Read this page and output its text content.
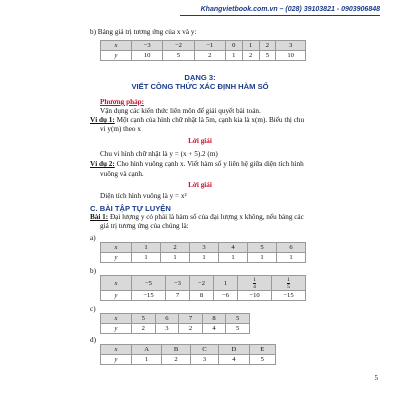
Khangvietbook.com.vn – (028) 39103821 - 0903906848
b) Bảng giá trị tương ứng của x và y:
x	−3	−2	−1	0	1	2	3
y	10	5	2	1	2	5	10
DẠNG 3:
VIẾT CÔNG THỨC XÁC ĐỊNH HÀM SỐ
Phương pháp:
Vận dụng các kiến thức liên môn để giải quyết bài toán.
Ví dụ 1: Một cạnh của hình chữ nhật là 5m, cạnh kia là x(m). Biểu thị chu
vi y(m) theo x
Lời giải
Chu vi hình chữ nhật là y = (x + 5).2 (m)
Ví dụ 2: Cho hình vuông cạnh x. Viết hàm số y liên hệ giữa diện tích hình
vuông và cạnh.
Lời giải
Diện tích hình vuông là y = x²
C. BÀI TẬP TỰ LUYỆN
Bài 1: Đại lượng y có phải là hàm số của đại lượng x không, nếu bảng các
giá trị tương ứng của chúng là:
a)
x	1	2	3	4	5	6
y	1	1	1	1	1	1
b)
x	−5	−3	−2	1	$\frac{1}{4}$	$\frac{1}{5}$

y	−15	7	8	−6	−10	−15
c)
x	5	6	7	8	5
y	2	3	2	4	5
d)
x	A	B	C	D	E
y	1	2	3	4	5
5
